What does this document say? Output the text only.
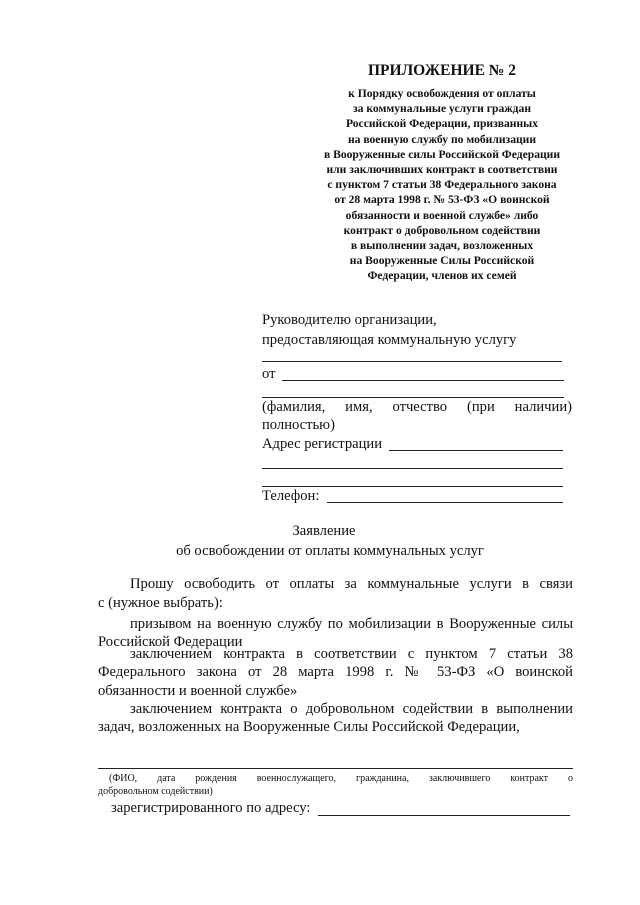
ПРИЛОЖЕНИЕ № 2
к Порядку освобождения от оплаты
за коммунальные услуги граждан
Российской Федерации, призванных
на военную службу по мобилизации
в Вооруженные силы Российской Федерации
или заключивших контракт в соответствии
с пунктом 7 статьи 38 Федерального закона
от 28 марта 1998 г. № 53-ФЗ «О воинской
обязанности и военной службе» либо
контракт о добровольном содействии
в выполнении задач, возложенных
на Вооруженные Силы Российской
Федерации, членов их семей
Руководителю организации,
предоставляющая коммунальную услугу
от
(фамилия, имя, отчество (при наличии)
полностью)
Адрес регистрации
Телефон:
Заявление
об освобождении от оплаты коммунальных услуг
Прошу освободить от оплаты за коммунальные услуги в связи
с (нужное выбрать):
призывом на военную службу по мобилизации в Вооруженные силы
Российской Федерации
заключением контракта в соответствии с пунктом 7 статьи 38
Федерального закона от 28 марта 1998 г. № 53-ФЗ «О воинской
обязанности и военной службе»
заключением контракта о добровольном содействии в выполнении
задач, возложенных на Вооруженные Силы Российской Федерации,
(ФИО, дата рождения военнослужащего, гражданина, заключившего контракт о
добровольном содействии)
зарегистрированного по адресу:
